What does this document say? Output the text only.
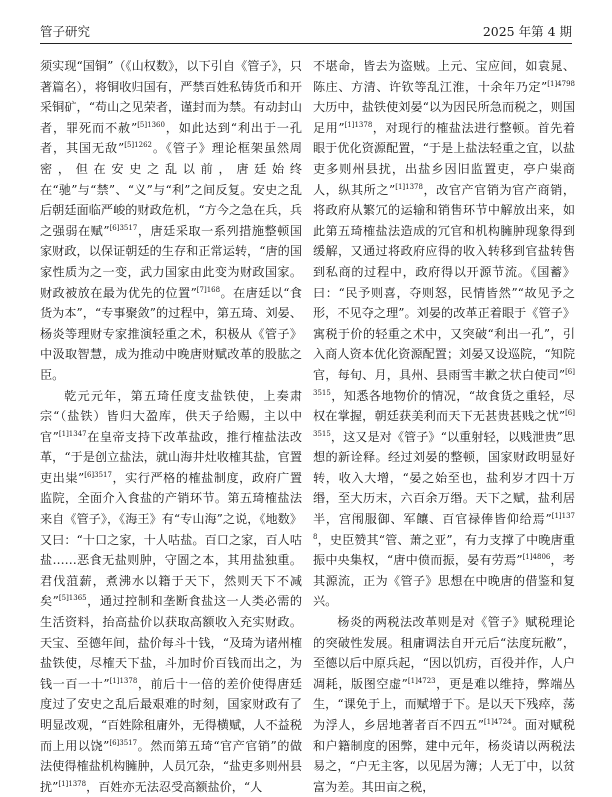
管子研究	2025 年第 4 期

须实现“国铜”（《山权数》，以下引自《管子》，只著篇名），将铜收归国有，严禁百姓私铸货币和开采铜矿，“苟山之见荣者，谨封而为禁。有动封山者，罪死而不赦”$^{[5]1360}$，如此达到“利出于一孔者，其国无敌”$^{[5]1262}$。《管子》理论框架虽然周密，但在安史之乱以前，唐廷始终在“驰”与“禁”、“义”与“利”之间反复。安史之乱后朝廷面临严峻的财政危机，“方今之急在兵，兵之强弱在赋”$^{[6]3517}$，唐廷采取一系列措施整顿国家财政，以保证朝廷的生存和正常运转，“唐的国家性质为之一变，武力国家由此变为财政国家。财政被放在最为优先的位置”$^{[7]168}$。在唐廷以“食货为本”，“专事聚敛”的过程中，第五琦、刘晏、杨炎等理财专家推演轻重之术，积极从《管子》中汲取智慧，成为推动中晚唐财赋改革的股肱之臣。

乾元元年，第五琦任度支盐铁使，上奏肃宗“（盐铁）皆归大盈库，供天子给赐，主以中官”$^{[1]1347}$在皇帝支持下改革盐政，推行榷盐法改革，“于是创立盐法，就山海井灶收榷其盐，官置吏出粜”$^{[6]3517}$，实行严格的榷盐制度，政府广置监院，全面介入食盐的产销环节。第五琦榷盐法来自《管子》，《海王》有“专山海”之说，《地数》又曰：“十口之家，十人咕盐。百口之家，百人咕盐……恶食无盐则肿，守圄之本，其用盐独重。君伐菹薪，煮沸水以籍于天下，然则天下不减矣”$^{[5]1365}$，通过控制和垄断食盐这一人类必需的生活资料，抬高盐价以获取高额收入充实财政。天宝、至德年间，盐价每斗十钱，“及琦为诸州榷盐铁使，尽榷天下盐，斗加时价百钱而出之，为钱一百一十”$^{[1]1378}$，前后十一倍的差价使得唐廷度过了安史之乱后最艰难的时刻，国家财政有了明显改观，“百姓除租庸外，无得横赋，人不益税而上用以饶”$^{[6]3517}$。然而第五琦“官产官销”的做法使得榷盐机构臃肿，人员冗杂，“盐吏多则州县扰”$^{[1]1378}$，百姓亦无法忍受高额盐价，“人

不堪命，皆去为盗贼。上元、宝应间，如袁晁、陈庄、方清、许钦等乱江淮，十余年乃定”$^{[1]4798}$大历中，盐铁使刘晏“以为因民所急而税之，则国足用”$^{[1]1378}$，对现行的榷盐法进行整顿。首先着眼于优化资源配置，“于是上盐法轻重之宜，以盐吏多则州县扰，出盐乡因旧监置吏，亭户粜商人，纵其所之”$^{[1]1378}$，改官产官销为官产商销，将政府从繁冗的运输和销售环节中解放出来，如此第五琦榷盐法造成的冗官和机构臃肿现象得到缓解，又通过将政府应得的收入转移到官盐转售到私商的过程中，政府得以开源节流。《国蓄》曰：“民予则喜，夺则怒，民情皆然”“故见予之形，不见夺之理”。刘晏的改革正着眼于《管子》寓税于价的轻重之术中，又突破“利出一孔”，引入商人资本优化资源配置；刘晏又设巡院，“知院官，每旬、月，具州、县雨雪丰歉之状白使司”$^{[6]3515}$，知悉各地物价的情况，“故食货之重轻，尽权在掌握，朝廷获美利而天下无甚贵甚贱之忧”$^{[6]3515}$，这又是对《管子》“以重射轻，以贱泄贵”思想的新诠释。经过刘晏的整顿，国家财政明显好转，收入大增，“晏之始至也，盐利岁才四十万缗，至大历末，六百余万缗。天下之赋，盐利居半，宫闱服御、军饟、百官禄俸皆仰给焉”$^{[1]1378}$，史臣赞其“管、萧之亚”，有力支撑了中晚唐重振中央集权，“唐中偾而振，晏有劳焉”$^{[1]4806}$，考其源流，正为《管子》思想在中晚唐的借鉴和复兴。

杨炎的两税法改革则是对《管子》赋税理论的突破性发展。租庸调法自开元后“法度玩敝”，至德以后中原兵起，“因以饥疠，百役并作，人户凋耗，版图空虚”$^{[1]4723}$，更是难以维持，弊端丛生，“课免于上，而赋增于下。是以天下残瘁，荡为浮人，乡居地著者百不四五”$^{[1]4724}$。面对赋税和户籍制度的困弊，建中元年，杨炎请以两税法易之，“户无主客，以见居为簿；人无丁中，以贫富为差。其田亩之税，
